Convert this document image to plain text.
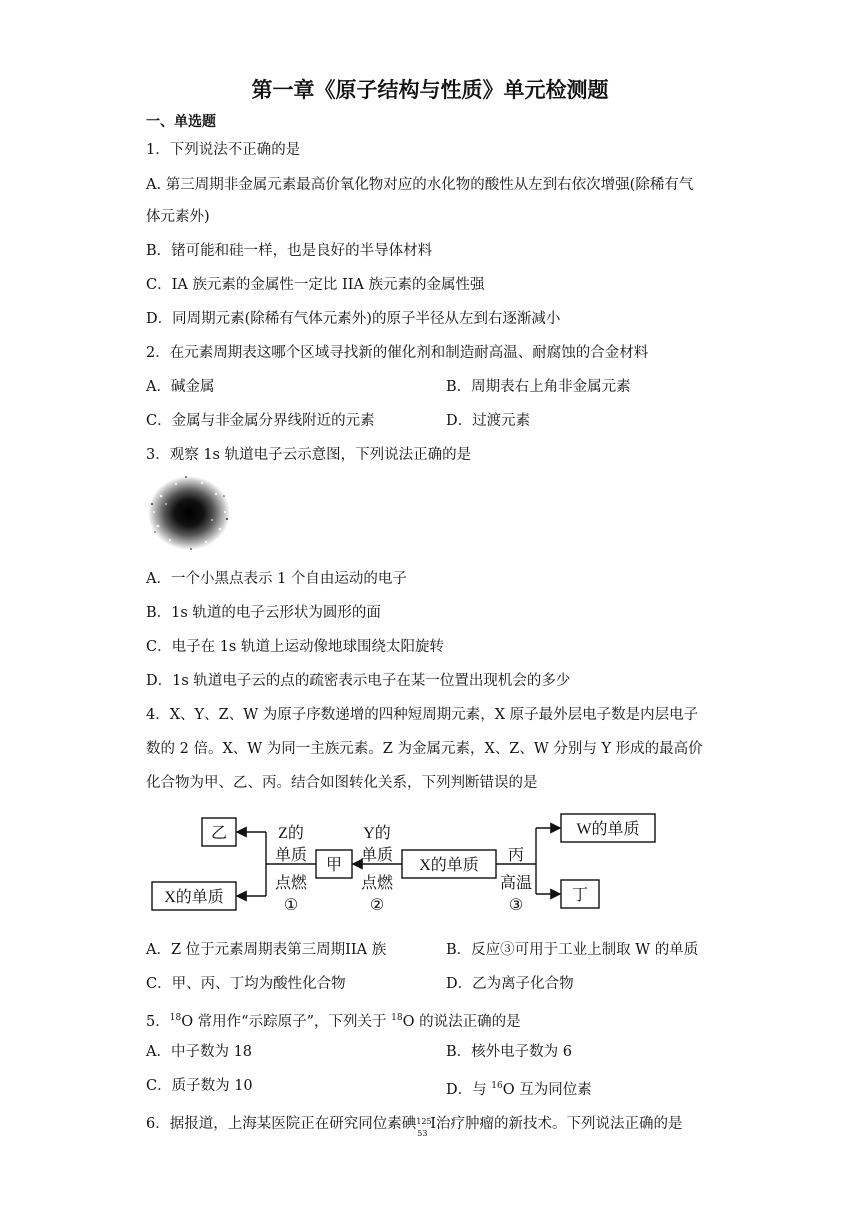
第一章《原子结构与性质》单元检测题
一、单选题
1．下列说法不正确的是
A. 第三周期非金属元素最高价氧化物对应的水化物的酸性从左到右依次增强(除稀有气
体元素外)
B．锗可能和硅一样，也是良好的半导体材料
C．IA 族元素的金属性一定比 IIA 族元素的金属性强
D．同周期元素(除稀有气体元素外)的原子半径从左到右逐渐减小
2．在元素周期表这哪个区域寻找新的催化剂和制造耐高温、耐腐蚀的合金材料
A．碱金属	B．周期表右上角非金属元素
C．金属与非金属分界线附近的元素	D．过渡元素
3．观察 1s 轨道电子云示意图，下列说法正确的是
A．一个小黑点表示 1 个自由运动的电子
B．1s 轨道的电子云形状为圆形的面
C．电子在 1s 轨道上运动像地球围绕太阳旋转
D．1s 轨道电子云的点的疏密表示电子在某一位置出现机会的多少
4．X、Y、Z、W 为原子序数递增的四种短周期元素，X 原子最外层电子数是内层电子
数的 2 倍。X、W 为同一主族元素。Z 为金属元素，X、Z、W 分别与 Y 形成的最高价
化合物为甲、乙、丙。结合如图转化关系，下列判断错误的是
乙
X的单质
Z的
单质
点燃
①
甲
Y的
单质
点燃
②
X的单质
丙
高温
③
W的单质
丁
A．Z 位于元素周期表第三周期IIA 族	B．反应③可用于工业上制取 W 的单质
C．甲、丙、丁均为酸性化合物	D．乙为离子化合物
5．$^{18}$O 常用作“示踪原子”，下列关于 $^{18}$O 的说法正确的是
A．中子数为 18	B．核外电子数为 6
C．质子数为 10	D．与 $^{16}$O 互为同位素
6．据报道，上海某医院正在研究同位素碘 125
53
I治疗肿瘤的新技术。下列说法正确的是
